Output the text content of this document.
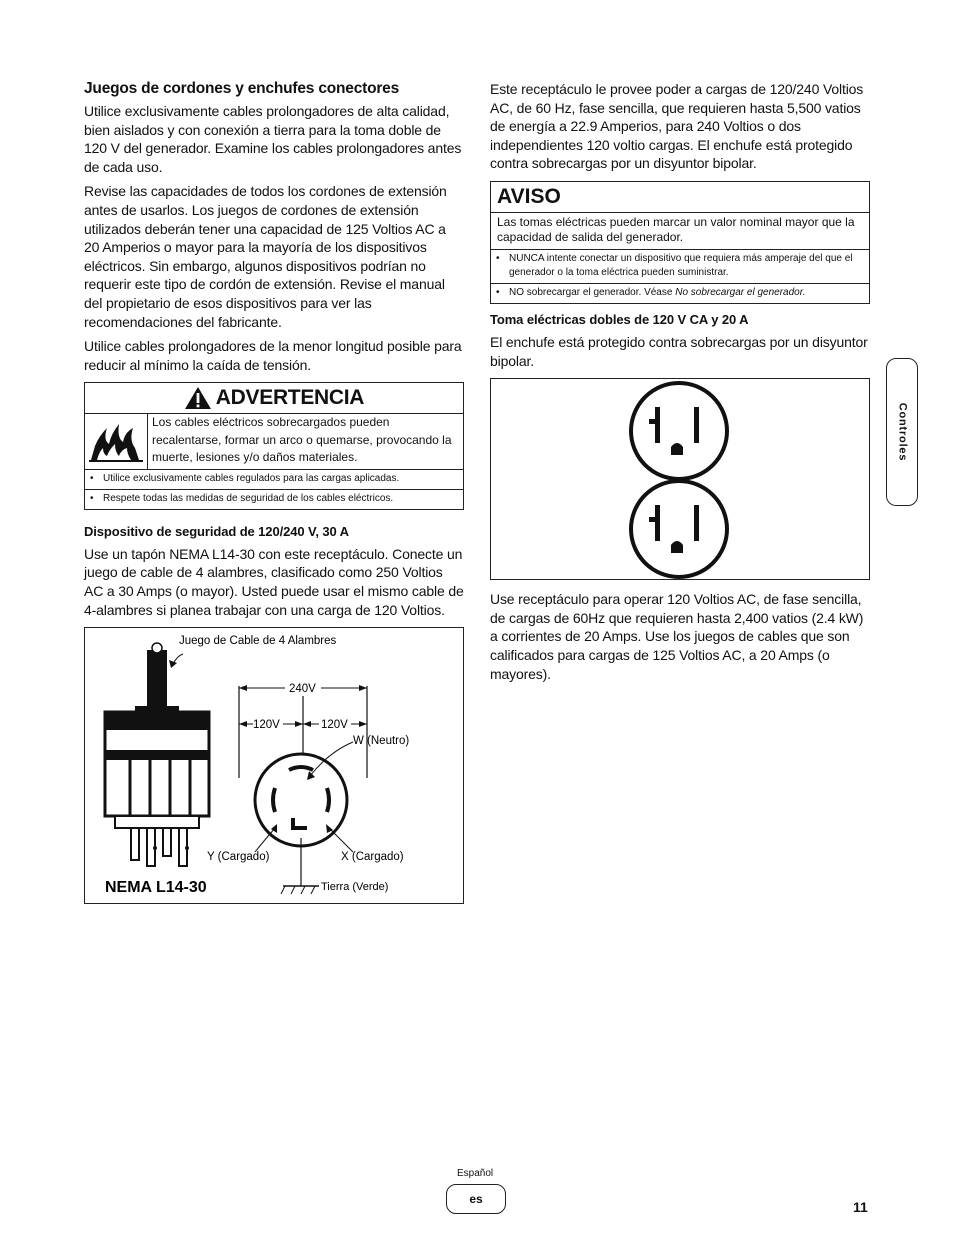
Juegos de cordones y enchufes conectores

Utilice exclusivamente cables prolongadores de alta calidad, bien aislados y con conexión a tierra para la toma doble de 120 V del generador. Examine los cables prolongadores antes de cada uso.

Revise las capacidades de todos los cordones de extensión antes de usarlos. Los juegos de cordones de extensión utilizados deberán tener una capacidad de 125 Voltios AC a 20 Amperios o mayor para la mayoría de los dispositivos eléctricos. Sin embargo, algunos dispositivos podrían no requerir este tipo de cordón de extensión. Revise el manual del propietario de esos dispositivos para ver las recomendaciones del fabricante.

Utilice cables prolongadores de la menor longitud posible para reducir al mínimo la caída de tensión.

ADVERTENCIA
Los cables eléctricos sobrecargados pueden recalentarse, formar un arco o quemarse, provocando la muerte, lesiones y/o daños materiales.
• Utilice exclusivamente cables regulados para las cargas aplicadas.
• Respete todas las medidas de seguridad de los cables eléctricos.
Dispositivo de seguridad de 120/240 V, 30 A

Use un tapón NEMA L14-30 con este receptáculo. Conecte un juego de cable de 4 alambres, clasificado como 250 Voltios AC a 30 Amps (o mayor). Usted puede usar el mismo cable de 4-alambres si planea trabajar con una carga de 120 Voltios.

Juego de Cable de 4 Alambres
240V
120V	120V
W (Neutro)
Y (Cargado)	X (Cargado)
Tierra (Verde)
NEMA L14-30

Este receptáculo le provee poder a cargas de 120/240 Voltios AC, de 60 Hz, fase sencilla, que requieren hasta 5,500 vatios de energía a 22.9 Amperios, para 240 Voltios o dos independientes 120 voltio cargas. El enchufe está protegido contra sobrecargas por un disyuntor bipolar.

AVISO
Las tomas eléctricas pueden marcar un valor nominal mayor que la capacidad de salida del generador.
• NUNCA intente conectar un dispositivo que requiera más amperaje del que el generador o la toma eléctrica pueden suministrar.
• NO sobrecargar el generador. Véase No sobrecargar el generador.
Toma eléctricas dobles de 120 V CA y 20 A

El enchufe está protegido contra sobrecargas por un disyuntor bipolar.

Use receptáculo para operar 120 Voltios AC, de fase sencilla, de cargas de 60Hz que requieren hasta 2,400 vatios (2.4 kW) a corrientes de 20 Amps. Use los juegos de cables que son calificados para cargas de 125 Voltios AC, a 20 Amps (o mayores).

Controles
Español
es	11
